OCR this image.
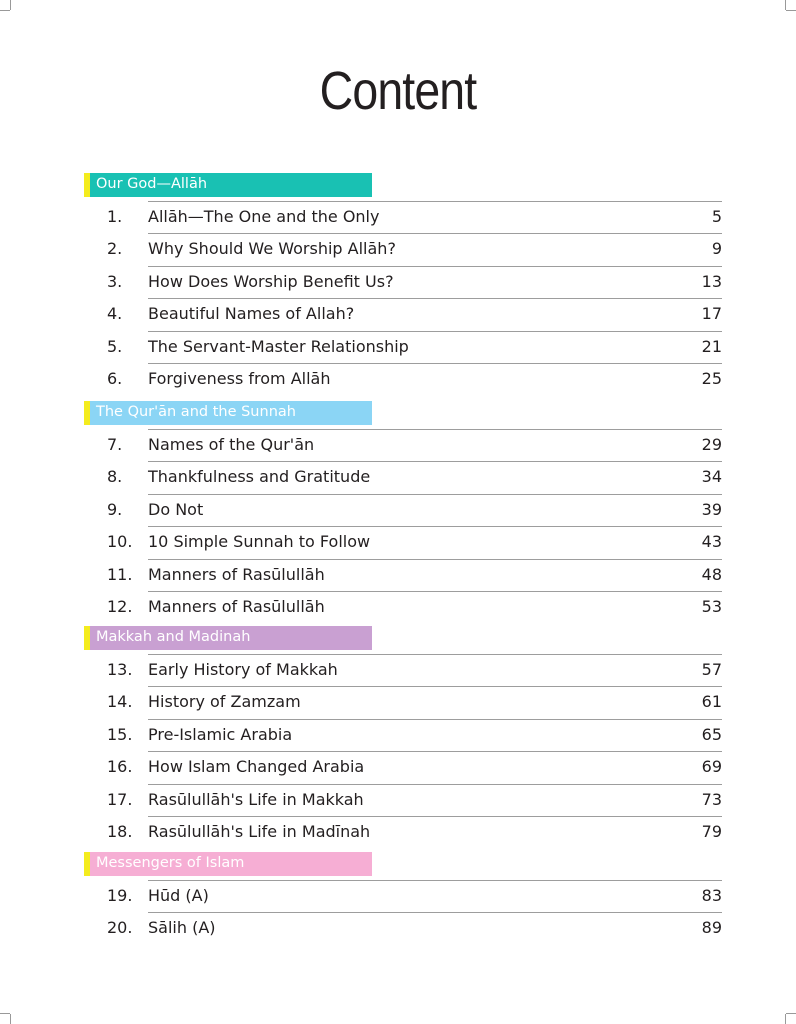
Content
Our God—Allāh
1. Allāh—The One and the Only	5
2. Why Should We Worship Allāh?	9
3. How Does Worship Benefit Us?	13
4. Beautiful Names of Allah?	17
5. The Servant-Master Relationship	21
6. Forgiveness from Allāh	25
The Qur'ān and the Sunnah
7. Names of the Qur'ān	29
8. Thankfulness and Gratitude	34
9. Do Not	39
10. 10 Simple Sunnah to Follow	43
11. Manners of Rasūlullāh	48
12. Manners of Rasūlullāh	53
Makkah and Madinah
13. Early History of Makkah	57
14. History of Zamzam	61
15. Pre-Islamic Arabia	65
16. How Islam Changed Arabia	69
17. Rasūlullāh's Life in Makkah	73
18. Rasūlullāh's Life in Madīnah	79
Messengers of Islam
19. Hūd (A)	83
20. Sālih (A)	89
